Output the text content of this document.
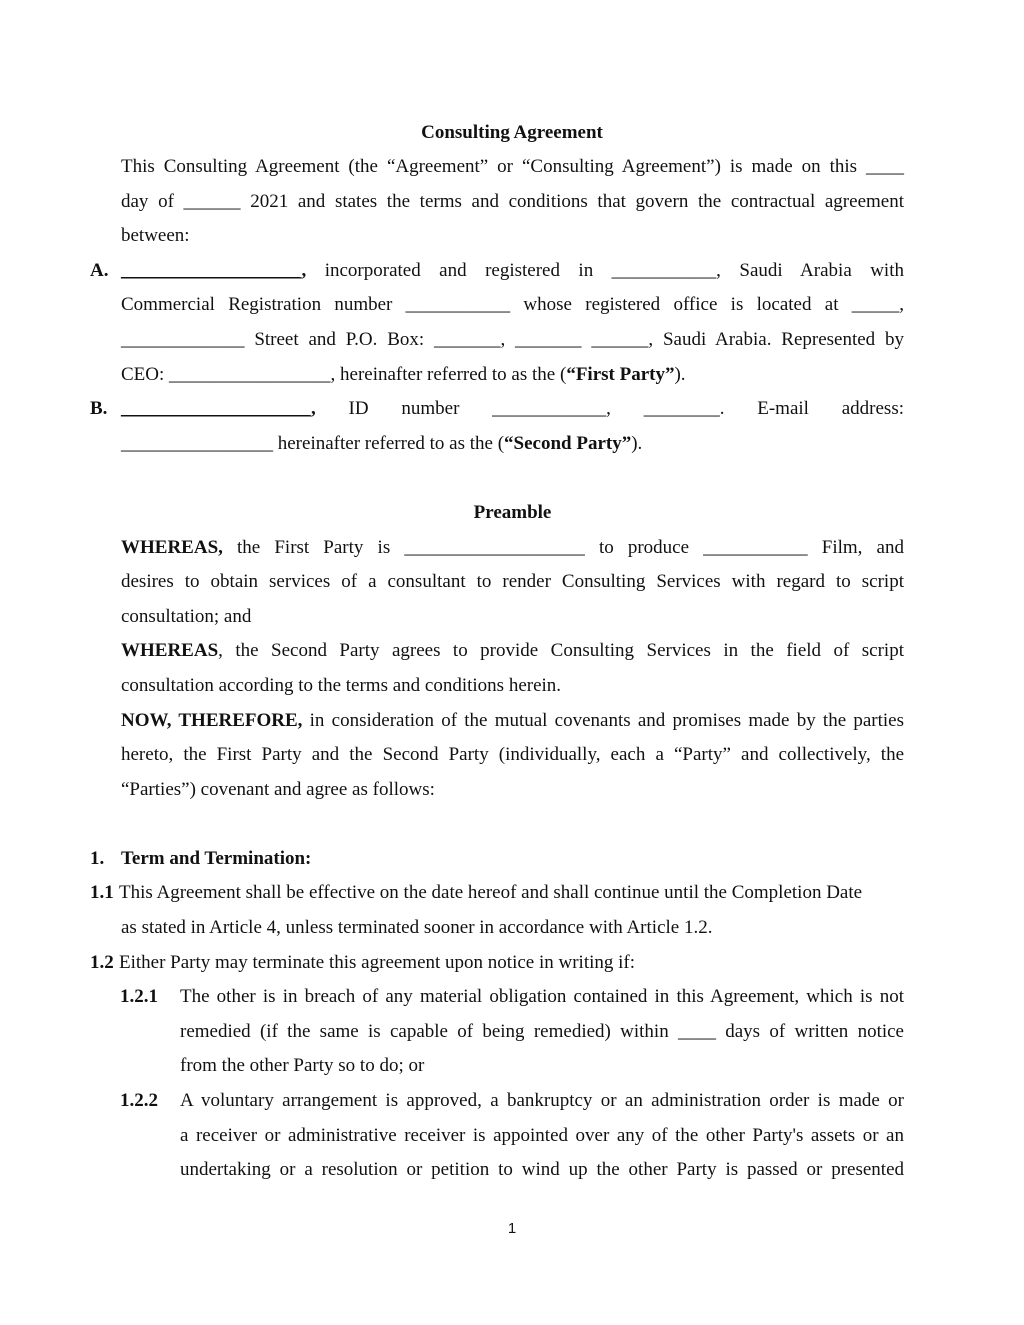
Consulting Agreement
This Consulting Agreement (the “Agreement” or “Consulting Agreement”) is made on this ____
day of ______ 2021 and states the terms and conditions that govern the contractual agreement
between:
A. ___________________, incorporated and registered in ___________, Saudi Arabia with
Commercial Registration number ___________ whose registered office is located at _____,
_____________ Street and P.O. Box: _______, _______ ______, Saudi Arabia. Represented by
CEO: _________________, hereinafter referred to as the (“First Party”).
B. ____________________, ID number ____________, ________. E-mail address:
________________ hereinafter referred to as the (“Second Party”).
Preamble
WHEREAS, the First Party is ___________________ to produce ___________ Film, and
desires to obtain services of a consultant to render Consulting Services with regard to script
consultation; and
WHEREAS, the Second Party agrees to provide Consulting Services in the field of script
consultation according to the terms and conditions herein.
NOW, THEREFORE, in consideration of the mutual covenants and promises made by the parties
hereto, the First Party and the Second Party (individually, each a “Party” and collectively, the
“Parties”) covenant and agree as follows:
1. Term and Termination:
1.1 This Agreement shall be effective on the date hereof and shall continue until the Completion Date
as stated in Article 4, unless terminated sooner in accordance with Article 1.2.
1.2 Either Party may terminate this agreement upon notice in writing if:
1.2.1 The other is in breach of any material obligation contained in this Agreement, which is not
remedied (if the same is capable of being remedied) within ____ days of written notice
from the other Party so to do; or
1.2.2 A voluntary arrangement is approved, a bankruptcy or an administration order is made or
a receiver or administrative receiver is appointed over any of the other Party's assets or an
undertaking or a resolution or petition to wind up the other Party is passed or presented
1
